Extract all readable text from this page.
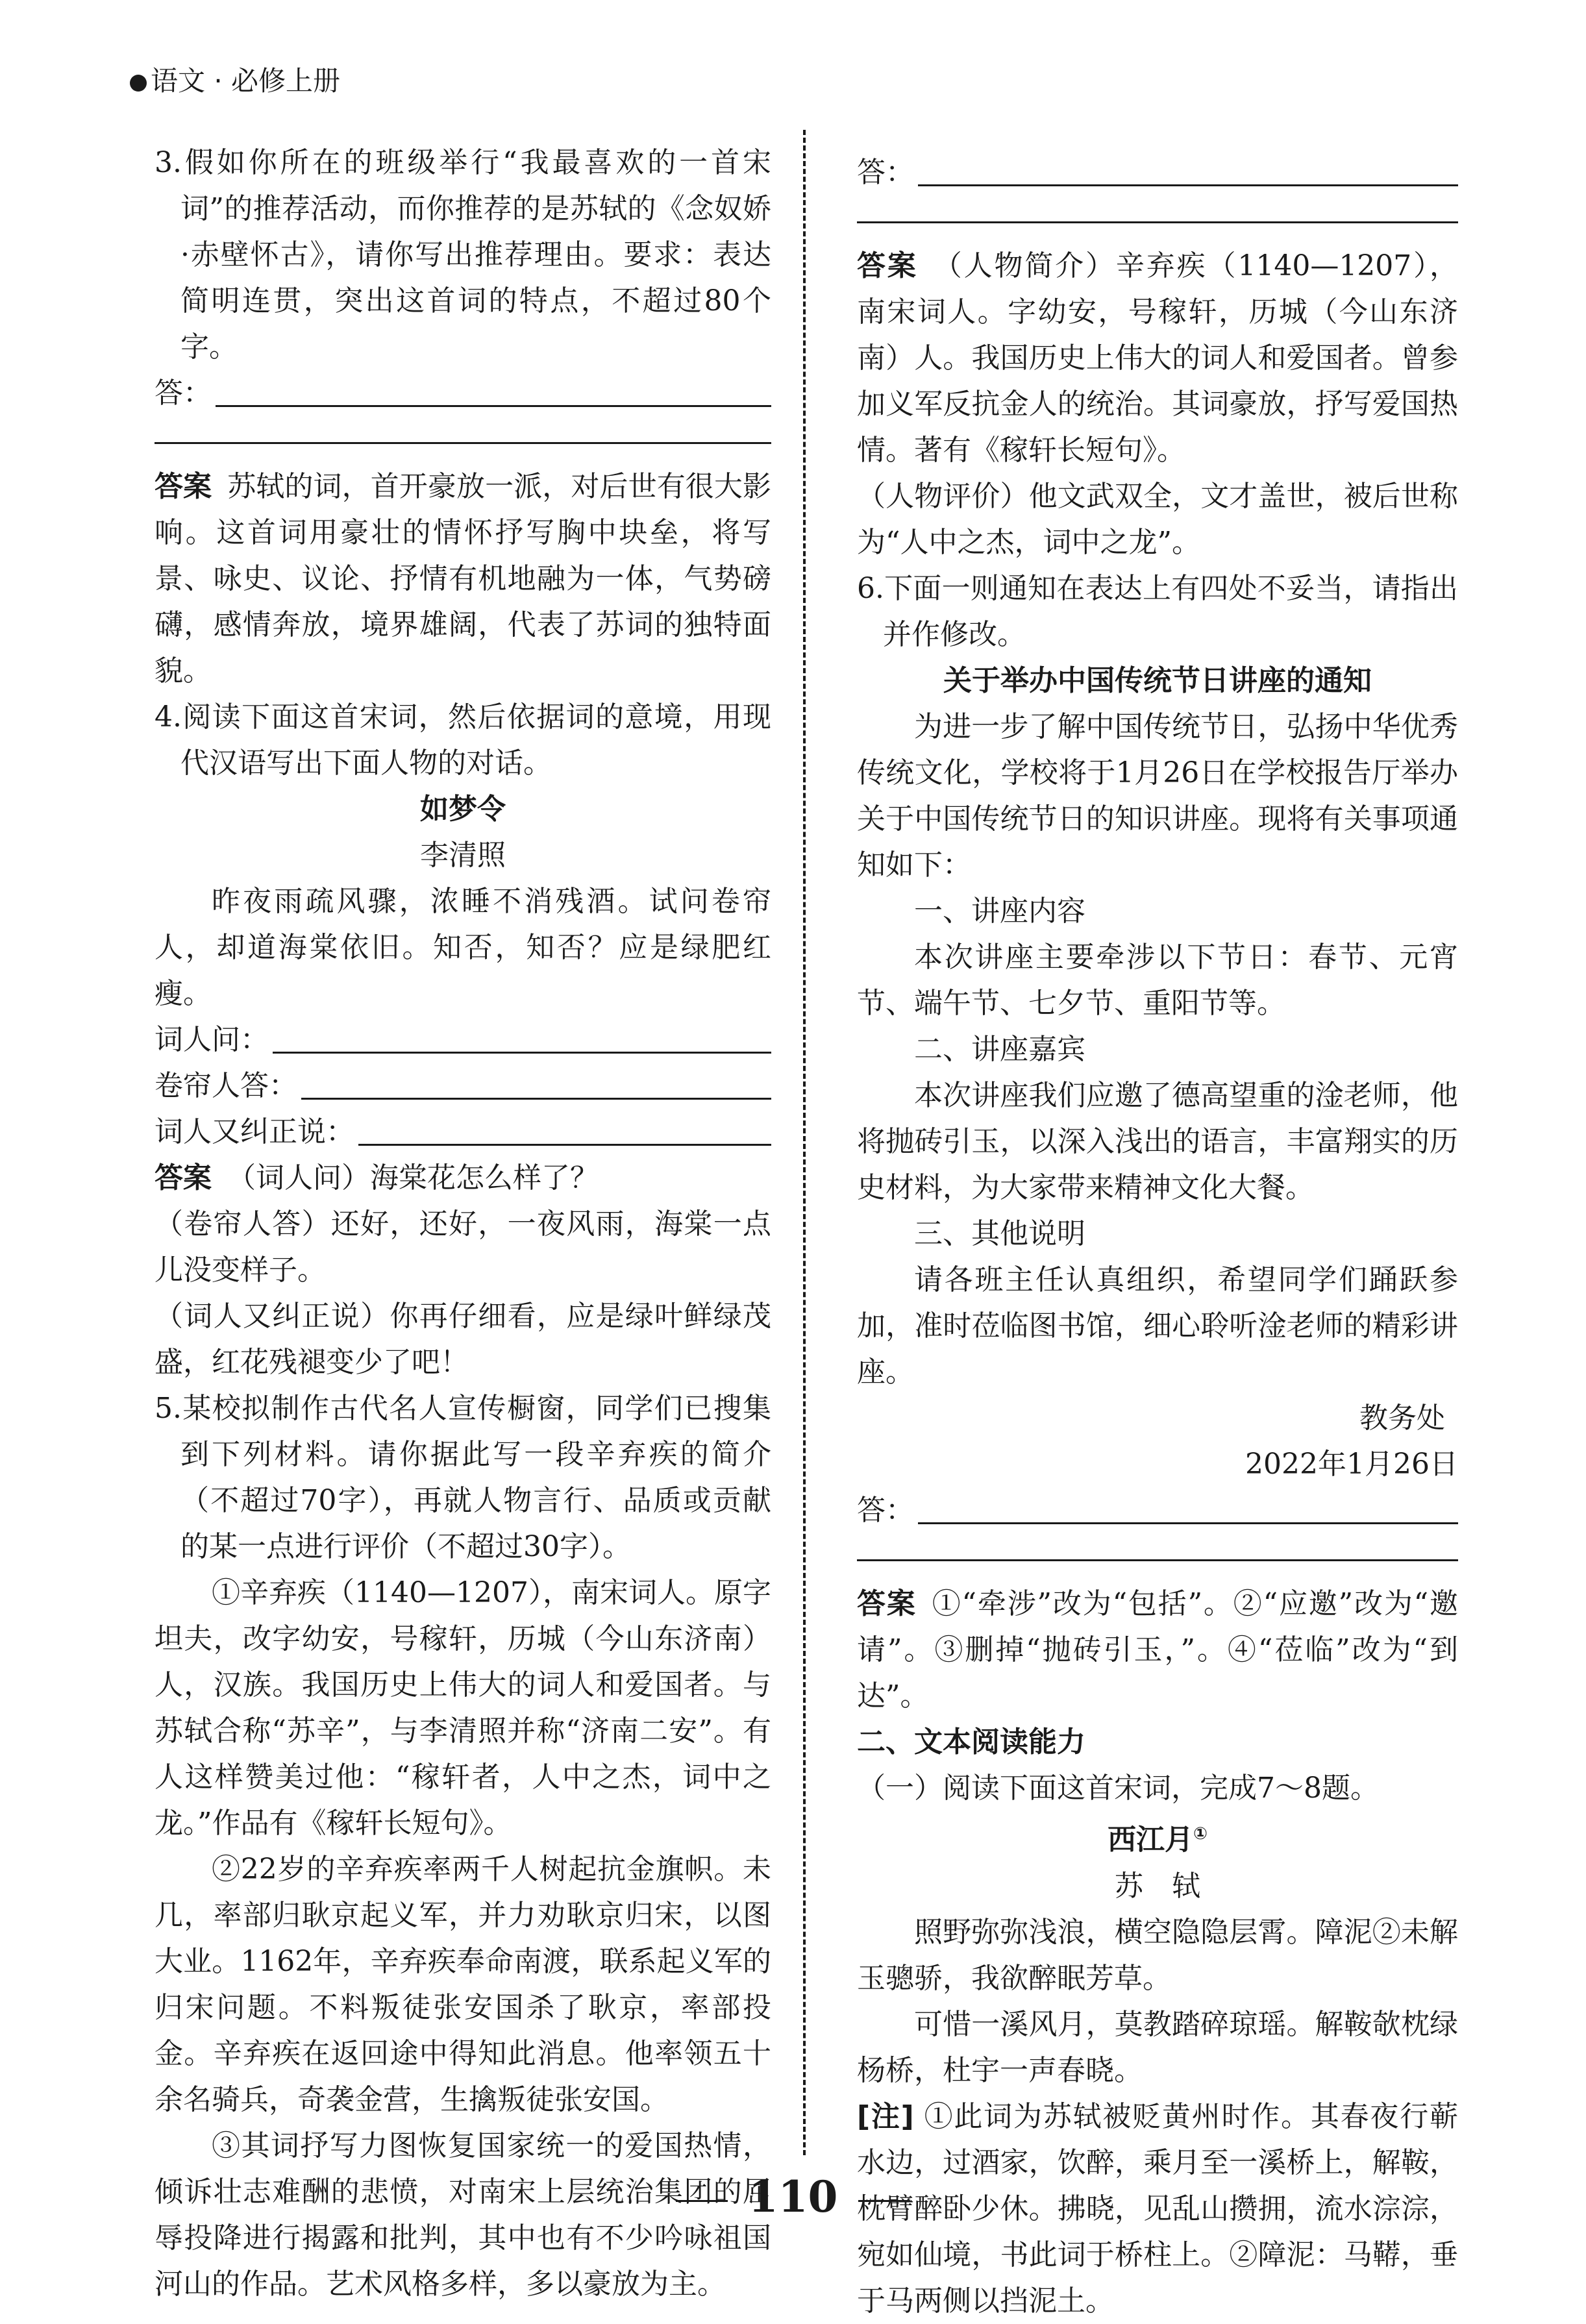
语文 · 必修上册

3.假如你所在的班级举行“我最喜欢的一首宋词”的推荐活动，而你推荐的是苏轼的《念奴娇·赤壁怀古》，请你写出推荐理由。要求：表达简明连贯，突出这首词的特点，不超过80个字。

答：

答案 苏轼的词，首开豪放一派，对后世有很大影响。这首词用豪壮的情怀抒写胸中块垒，将写景、咏史、议论、抒情有机地融为一体，气势磅礴，感情奔放，境界雄阔，代表了苏词的独特面貌。

4.阅读下面这首宋词，然后依据词的意境，用现代汉语写出下面人物的对话。

如梦令

李清照

昨夜雨疏风骤，浓睡不消残酒。试问卷帘人，却道海棠依旧。知否，知否？应是绿肥红瘦。

词人问：
卷帘人答：
词人又纠正说：

答案 （词人问）海棠花怎么样了？

（卷帘人答）还好，还好，一夜风雨，海棠一点儿没变样子。

（词人又纠正说）你再仔细看，应是绿叶鲜绿茂盛，红花残褪变少了吧！

5.某校拟制作古代名人宣传橱窗，同学们已搜集到下列材料。请你据此写一段辛弃疾的简介（不超过70字），再就人物言行、品质或贡献的某一点进行评价（不超过30字）。

①辛弃疾（1140—1207），南宋词人。原字坦夫，改字幼安，号稼轩，历城（今山东济南）人，汉族。我国历史上伟大的词人和爱国者。与苏轼合称“苏辛”，与李清照并称“济南二安”。有人这样赞美过他：“稼轩者，人中之杰，词中之龙。”作品有《稼轩长短句》。

②22岁的辛弃疾率两千人树起抗金旗帜。未几，率部归耿京起义军，并力劝耿京归宋，以图大业。1162年，辛弃疾奉命南渡，联系起义军的归宋问题。不料叛徒张安国杀了耿京，率部投金。辛弃疾在返回途中得知此消息。他率领五十余名骑兵，奇袭金营，生擒叛徒张安国。

③其词抒写力图恢复国家统一的爱国热情，倾诉壮志难酬的悲愤，对南宋上层统治集团的屈辱投降进行揭露和批判，其中也有不少吟咏祖国河山的作品。艺术风格多样，多以豪放为主。

答：

答案 （人物简介）辛弃疾（1140—1207），南宋词人。字幼安，号稼轩，历城（今山东济南）人。我国历史上伟大的词人和爱国者。曾参加义军反抗金人的统治。其词豪放，抒写爱国热情。著有《稼轩长短句》。

（人物评价）他文武双全，文才盖世，被后世称为“人中之杰，词中之龙”。

6.下面一则通知在表达上有四处不妥当，请指出并作修改。

关于举办中国传统节日讲座的通知

为进一步了解中国传统节日，弘扬中华优秀传统文化，学校将于1月26日在学校报告厅举办关于中国传统节日的知识讲座。现将有关事项通知如下：

一、讲座内容

本次讲座主要牵涉以下节日：春节、元宵节、端午节、七夕节、重阳节等。

二、讲座嘉宾

本次讲座我们应邀了德高望重的淦老师，他将抛砖引玉，以深入浅出的语言，丰富翔实的历史材料，为大家带来精神文化大餐。

三、其他说明

请各班主任认真组织，希望同学们踊跃参加，准时莅临图书馆，细心聆听淦老师的精彩讲座。

教务处

2022年1月26日

答：

答案 ①“牵涉”改为“包括”。②“应邀”改为“邀请”。③删掉“抛砖引玉，”。④“莅临”改为“到达”。

二、文本阅读能力

（一）阅读下面这首宋词，完成7～8题。

西江月①

苏　轼

照野弥弥浅浪，横空隐隐层霄。障泥②未解玉骢骄，我欲醉眠芳草。

可惜一溪风月，莫教踏碎琼瑶。解鞍欹枕绿杨桥，杜宇一声春晓。

[注] ①此词为苏轼被贬黄州时作。其春夜行蕲水边，过酒家，饮醉，乘月至一溪桥上，解鞍，枕臂醉卧少休。拂晓，见乱山攒拥，流水淙淙，宛如仙境，书此词于桥柱上。②障泥：马鞯，垂于马两侧以挡泥土。

110
